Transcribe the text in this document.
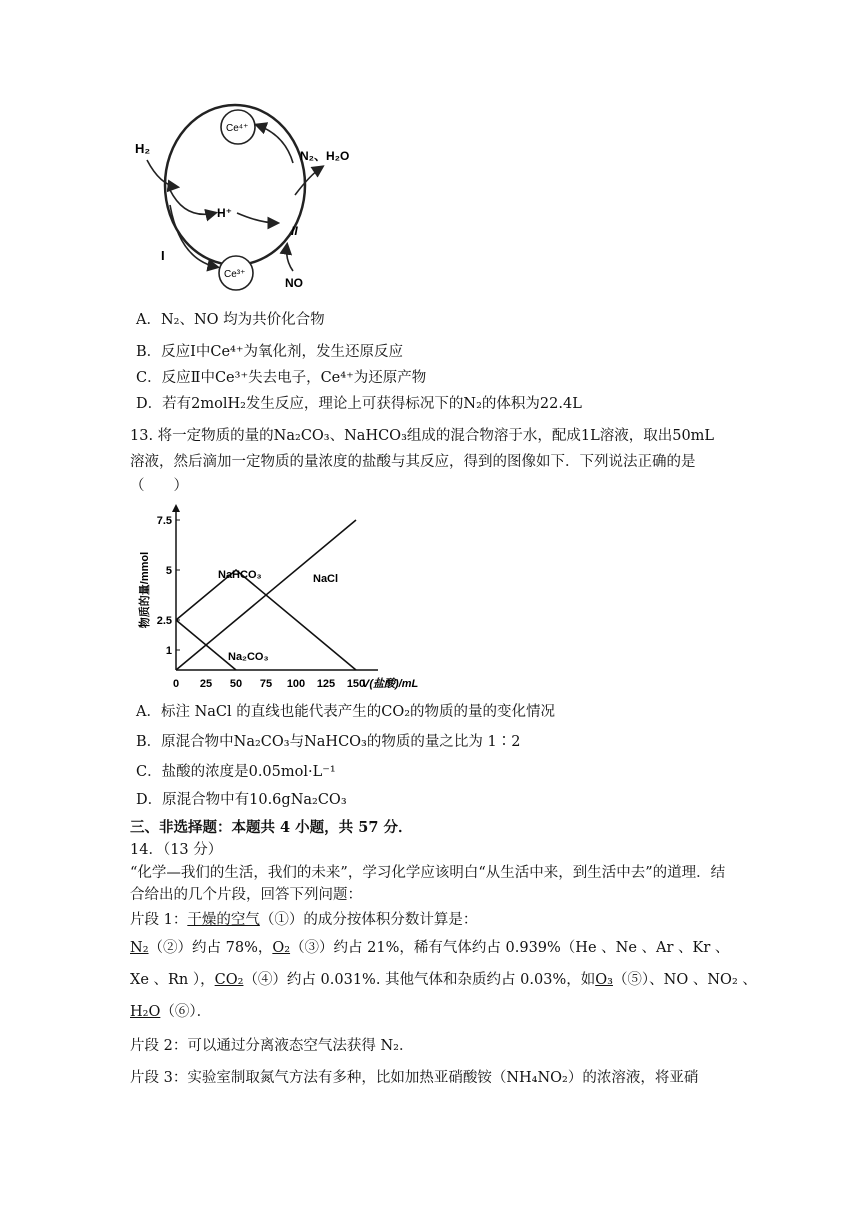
Ce⁴⁺
Ce³⁺
H₂
H⁺
N₂、H₂O
II
I
NO
A．N₂、NO 均为共价化合物
B．反应Ⅰ中Ce⁴⁺为氧化剂，发生还原反应
C．反应Ⅱ中Ce³⁺失去电子，Ce⁴⁺为还原产物
D．若有2molH₂发生反应，理论上可获得标况下的N₂的体积为22.4L
13. 将一定物质的量的Na₂CO₃、NaHCO₃组成的混合物溶于水，配成1L溶液，取出50mL
溶液，然后滴加一定物质的量浓度的盐酸与其反应，得到的图像如下．下列说法正确的是
（　　）
0 25 50 75 100 125 150
V(盐酸)/mL
1
2.5
5
7.5
物质的量/mmol	NaHCO₃	NaCl
Na₂CO₃
A．标注 NaCl 的直线也能代表产生的CO₂的物质的量的变化情况
B．原混合物中Na₂CO₃与NaHCO₃的物质的量之比为 1∶2
C．盐酸的浓度是0.05mol·L⁻¹
D．原混合物中有10.6gNa₂CO₃
三、非选择题：本题共 4 小题，共 57 分．
14．（13 分）
“化学—我们的生活，我们的未来”，学习化学应该明白“从生活中来，到生活中去”的道理．结合给出的几个片段，回答下列问题：
片段 1：干燥的空气（①）的成分按体积分数计算是：
N₂（②）约占 78%，O₂（③）约占 21%，稀有气体约占 0.939%（He 、Ne 、Ar 、Kr 、
Xe 、Rn ），CO₂（④）约占 0.031%. 其他气体和杂质约占 0.03%，如O₃（⑤）、NO 、NO₂ 、
H₂O（⑥）．
片段 2：可以通过分离液态空气法获得 N₂．
片段 3：实验室制取氮气方法有多种，比如加热亚硝酸铵（NH₄NO₂）的浓溶液，将亚硝
